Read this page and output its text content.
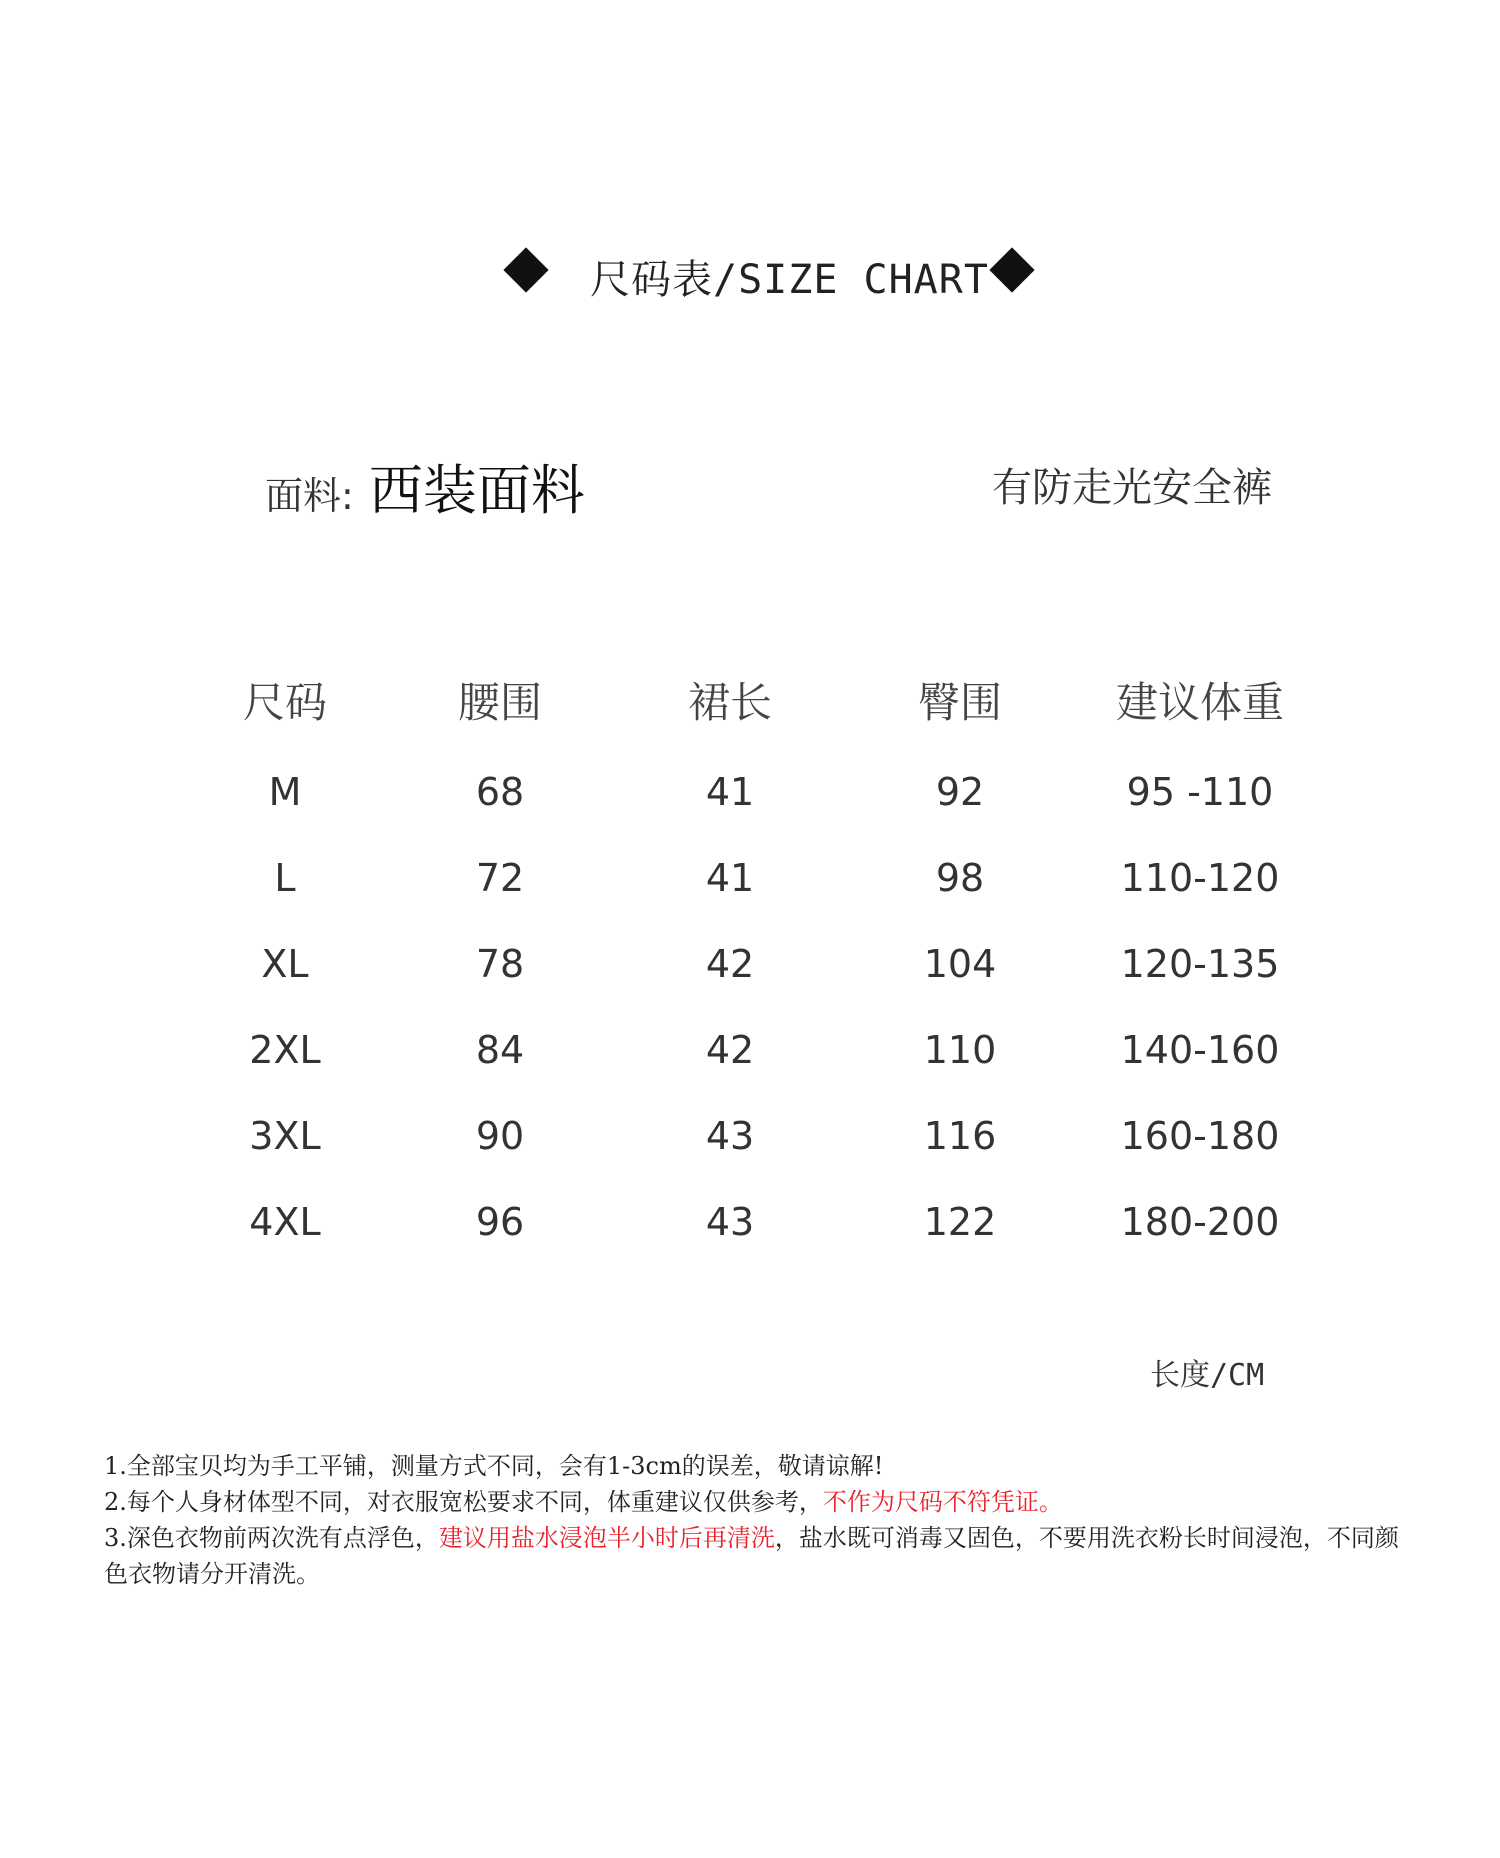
尺码表/SIZE CHART
面料: 西装面料	有防走光安全裤
尺码	腰围	裙长	臀围	建议体重
M	68	41	92	95 -110
L	72	41	98	110-120
XL	78	42	104	120-135
2XL	84	42	110	140-160
3XL	90	43	116	160-180
4XL	96	43	122	180-200
长度/CM

1.全部宝贝均为手工平铺，测量方式不同，会有1-3cm的误差，敬请谅解!

2.每个人身材体型不同，对衣服宽松要求不同，体重建议仅供参考，不作为尺码不符凭证。

3.深色衣物前两次洗有点浮色，建议用盐水浸泡半小时后再清洗，盐水既可消毒又固色，不要用洗衣粉长时间浸泡，不同颜色衣物请分开清洗。
